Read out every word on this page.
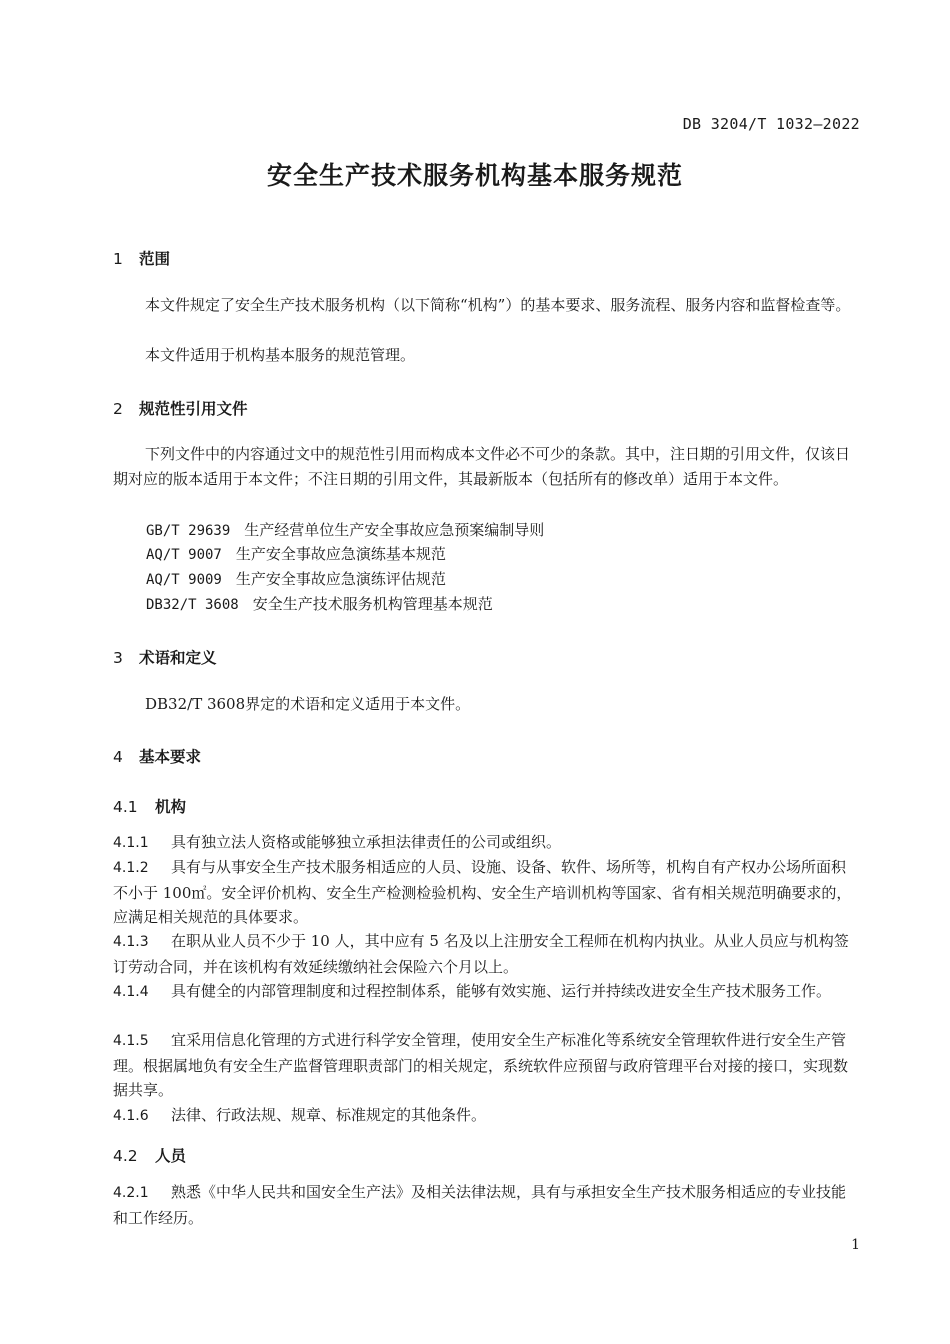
DB 3204/T 1032—2022
安全生产技术服务机构基本服务规范
1 范围

本文件规定了安全生产技术服务机构（以下简称“机构”）的基本要求、服务流程、服务内容和监督检查等。

本文件适用于机构基本服务的规范管理。

2 规范性引用文件

下列文件中的内容通过文中的规范性引用而构成本文件必不可少的条款。其中，注日期的引用文件，仅该日期对应的版本适用于本文件；不注日期的引用文件，其最新版本（包括所有的修改单）适用于本文件。

GB/T 29639 生产经营单位生产安全事故应急预案编制导则
AQ/T 9007 生产安全事故应急演练基本规范
AQ/T 9009 生产安全事故应急演练评估规范
DB32/T 3608 安全生产技术服务机构管理基本规范
3 术语和定义

DB32/T 3608界定的术语和定义适用于本文件。

4 基本要求
4.1 机构

4.1.1 具有独立法人资格或能够独立承担法律责任的公司或组织。

4.1.2 具有与从事安全生产技术服务相适应的人员、设施、设备、软件、场所等，机构自有产权办公场所面积不小于 100㎡。安全评价机构、安全生产检测检验机构、安全生产培训机构等国家、省有相关规范明确要求的，应满足相关规范的具体要求。

4.1.3 在职从业人员不少于 10 人，其中应有 5 名及以上注册安全工程师在机构内执业。从业人员应与机构签订劳动合同，并在该机构有效延续缴纳社会保险六个月以上。

4.1.4 具有健全的内部管理制度和过程控制体系，能够有效实施、运行并持续改进安全生产技术服务工作。

4.1.5 宜采用信息化管理的方式进行科学安全管理，使用安全生产标准化等系统安全管理软件进行安全生产管理。根据属地负有安全生产监督管理职责部门的相关规定，系统软件应预留与政府管理平台对接的接口，实现数据共享。

4.1.6 法律、行政法规、规章、标准规定的其他条件。

4.2 人员

4.2.1 熟悉《中华人民共和国安全生产法》及相关法律法规，具有与承担安全生产技术服务相适应的专业技能和工作经历。

1
